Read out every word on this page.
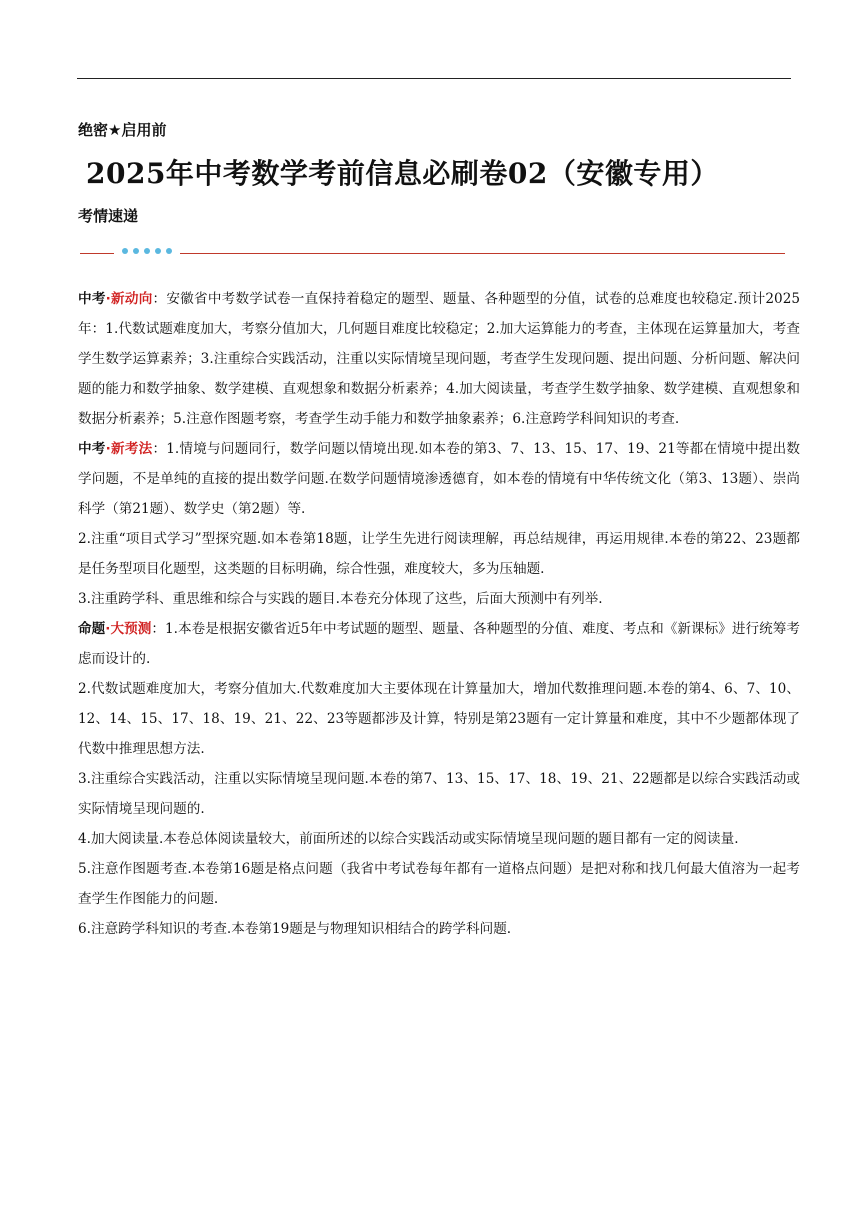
绝密★启用前
2025年中考数学考前信息必刷卷02（安徽专用）
考情速递

中考·新动向：安徽省中考数学试卷一直保持着稳定的题型、题量、各种题型的分值，试卷的总难度也较稳定.预计2025年：1.代数试题难度加大，考察分值加大，几何题目难度比较稳定；2.加大运算能力的考查，主体现在运算量加大，考查学生数学运算素养；3.注重综合实践活动，注重以实际情境呈现问题，考查学生发现问题、提出问题、分析问题、解决问题的能力和数学抽象、数学建模、直观想象和数据分析素养；4.加大阅读量，考查学生数学抽象、数学建模、直观想象和数据分析素养；5.注意作图题考察，考查学生动手能力和数学抽象素养；6.注意跨学科间知识的考查.

中考·新考法：1.情境与问题同行，数学问题以情境出现.如本卷的第3、7、13、15、17、19、21等都在情境中提出数学问题，不是单纯的直接的提出数学问题.在数学问题情境渗透德育，如本卷的情境有中华传统文化（第3、13题）、崇尚科学（第21题）、数学史（第2题）等.

2.注重“项目式学习”型探究题.如本卷第18题，让学生先进行阅读理解，再总结规律，再运用规律.本卷的第22、23题都是任务型项目化题型，这类题的目标明确，综合性强，难度较大，多为压轴题.

3.注重跨学科、重思维和综合与实践的题目.本卷充分体现了这些，后面大预测中有列举.

命题·大预测：1.本卷是根据安徽省近5年中考试题的题型、题量、各种题型的分值、难度、考点和《新课标》进行统筹考虑而设计的.

2.代数试题难度加大，考察分值加大.代数难度加大主要体现在计算量加大，增加代数推理问题.本卷的第4、6、7、10、12、14、15、17、18、19、21、22、23等题都涉及计算，特别是第23题有一定计算量和难度，其中不少题都体现了代数中推理思想方法.

3.注重综合实践活动，注重以实际情境呈现问题.本卷的第7、13、15、17、18、19、21、22题都是以综合实践活动或实际情境呈现问题的.

4.加大阅读量.本卷总体阅读量较大，前面所述的以综合实践活动或实际情境呈现问题的题目都有一定的阅读量.

5.注意作图题考查.本卷第16题是格点问题（我省中考试卷每年都有一道格点问题）是把对称和找几何最大值溶为一起考查学生作图能力的问题.

6.注意跨学科知识的考查.本卷第19题是与物理知识相结合的跨学科问题.
